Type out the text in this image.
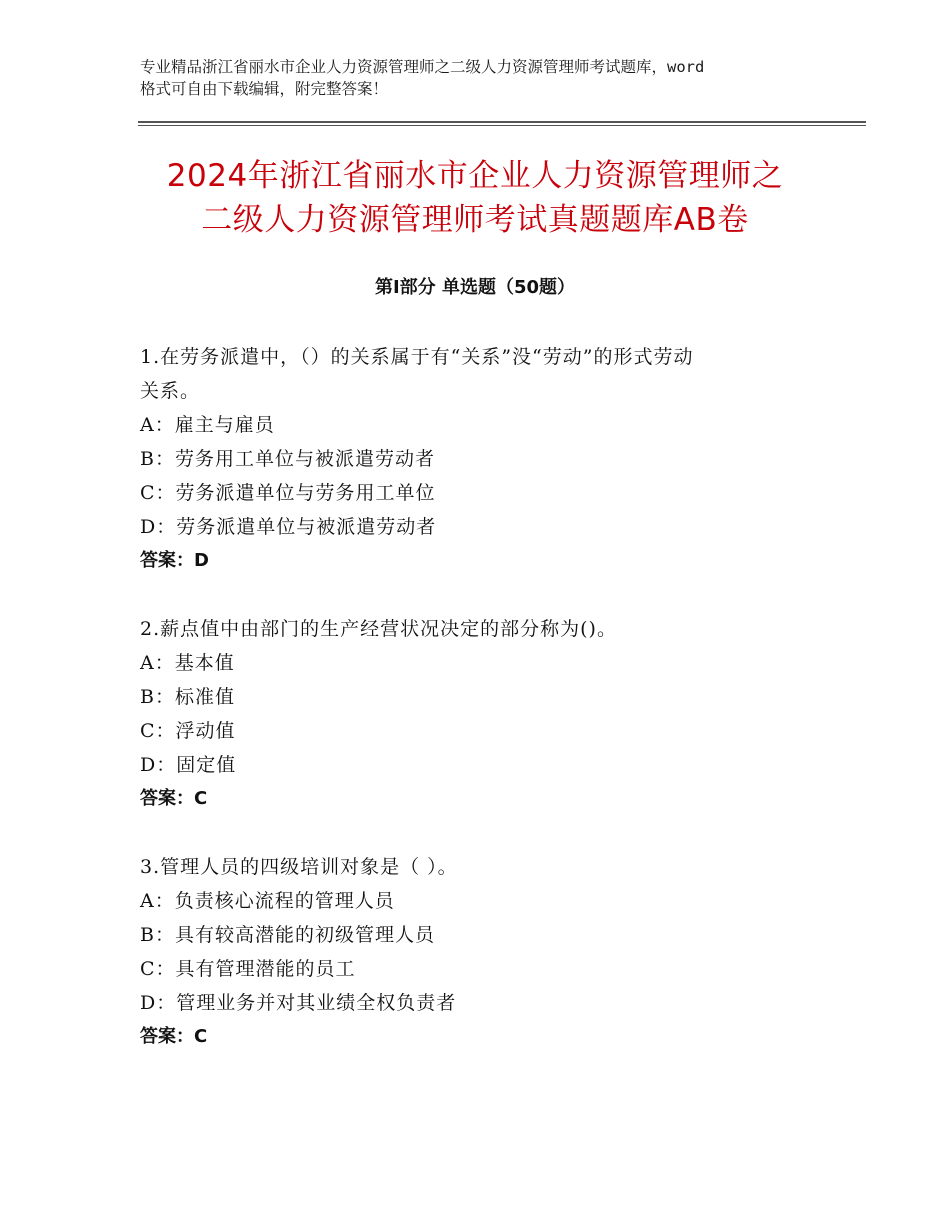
专业精品浙江省丽水市企业人力资源管理师之二级人力资源管理师考试题库，word
格式可自由下载编辑，附完整答案！
2024年浙江省丽水市企业人力资源管理师之
二级人力资源管理师考试真题题库AB卷
第Ⅰ部分 单选题（50题）
1.在劳务派遣中，（）的关系属于有“关系”没“劳动”的形式劳动
关系。
A：雇主与雇员
B：劳务用工单位与被派遣劳动者
C：劳务派遣单位与劳务用工单位
D：劳务派遣单位与被派遣劳动者
答案：D
2.薪点值中由部门的生产经营状况决定的部分称为()。
A：基本值
B：标准值
C：浮动值
D：固定值
答案：C
3.管理人员的四级培训对象是（ ）。
A：负责核心流程的管理人员
B：具有较高潜能的初级管理人员
C：具有管理潜能的员工
D：管理业务并对其业绩全权负责者
答案：C
